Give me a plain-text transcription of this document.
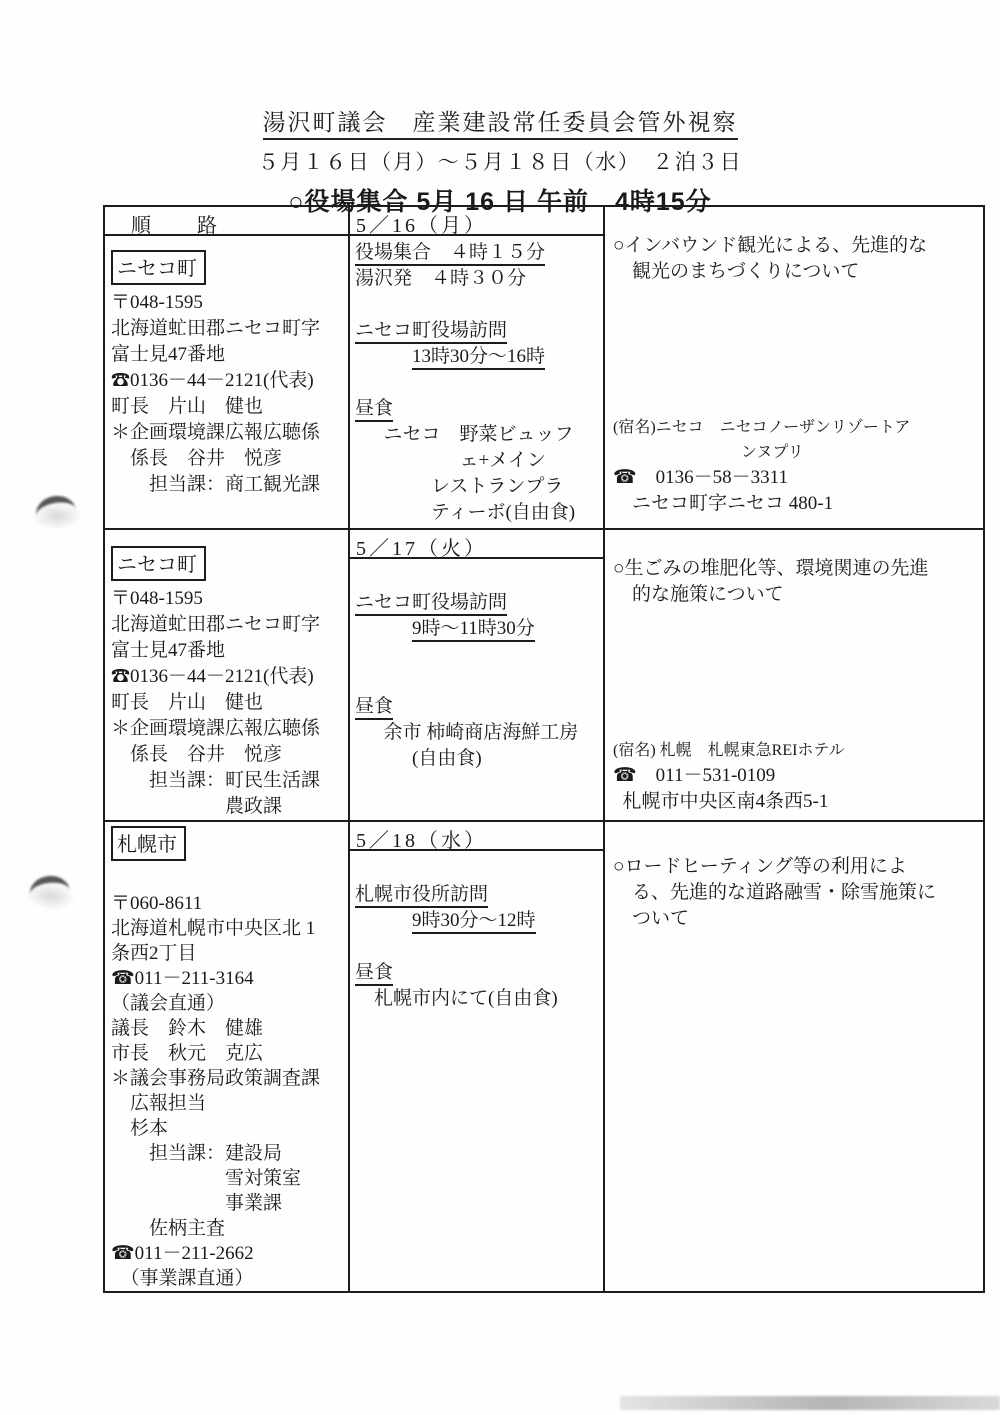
湯沢町議会　産業建設常任委員会管外視察
５月１６日（月）～５月１８日（水）　２泊３日
○役場集合 5月 16 日 午前　4時15分
順　　路	5／16（月）
○インバウンド観光による、先進的な
観光のまちづくりについて

(宿名)ニセコ　ニセコノーザンリゾートア
ンヌプリ
☎　0136－58－3311
ニセコ町字ニセコ 480-1
ニセコ町
〒048-1595
北海道虻田郡ニセコ町字
富士見47番地
☎0136－44－2121(代表)
町長　片山　健也
＊企画環境課広報広聴係
係長　谷井　悦彦
担当課：商工観光課
役場集合　４時１５分
湯沢発　４時３０分

ニセコ町役場訪問
13時30分～16時

昼食
ニセコ　野菜ビュッフ
ェ+メイン
レストランプラ
ティーボ(自由食)
ニセコ町
〒048-1595
北海道虻田郡ニセコ町字
富士見47番地
☎0136－44－2121(代表)
町長　片山　健也
＊企画環境課広報広聴係
係長　谷井　悦彦
担当課：町民生活課
農政課
5／17（火）

ニセコ町役場訪問
9時～11時30分

昼食
余市 柿崎商店海鮮工房
(自由食)
○生ごみの堆肥化等、環境関連の先進
的な施策について

(宿名) 札幌　札幌東急REIホテル
☎　011－531-0109
札幌市中央区南4条西5-1
札幌市

〒060-8611
北海道札幌市中央区北 1
条西2丁目
☎011－211-3164
（議会直通）
議長　鈴木　健雄
市長　秋元　克広
＊議会事務局政策調査課
広報担当
杉本
担当課：建設局
雪対策室
事業課
佐柄主査
☎011－211-2662
（事業課直通）
5／18（水）

札幌市役所訪問
9時30分～12時

昼食
札幌市内にて(自由食)

○ロードヒーティング等の利用によ
る、先進的な道路融雪・除雪施策に
ついて
